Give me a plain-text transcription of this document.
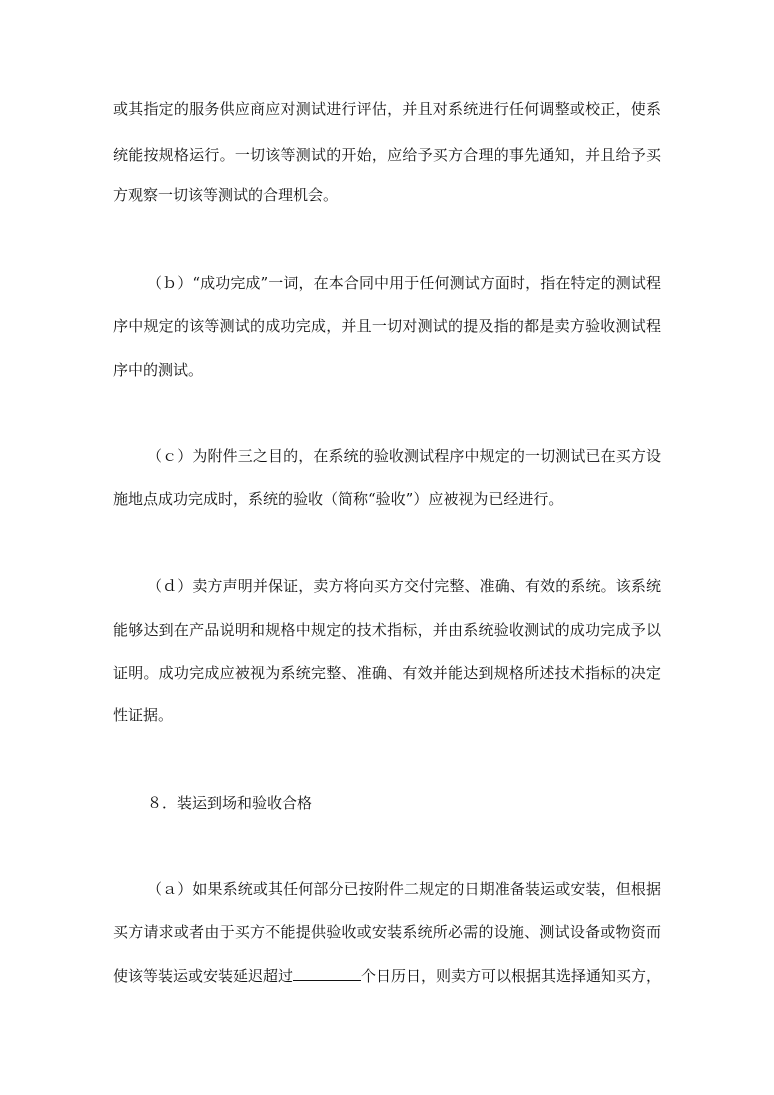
或其指定的服务供应商应对测试进行评估，并且对系统进行任何调整或校正，使系
统能按规格运行。一切该等测试的开始，应给予买方合理的事先通知，并且给予买
方观察一切该等测试的合理机会。
（ｂ）“成功完成”一词，在本合同中用于任何测试方面时，指在特定的测试程
序中规定的该等测试的成功完成，并且一切对测试的提及指的都是卖方验收测试程
序中的测试。
（ｃ）为附件三之目的，在系统的验收测试程序中规定的一切测试已在买方设
施地点成功完成时，系统的验收（简称“验收”）应被视为已经进行。
（ｄ）卖方声明并保证，卖方将向买方交付完整、准确、有效的系统。该系统
能够达到在产品说明和规格中规定的技术指标，并由系统验收测试的成功完成予以
证明。成功完成应被视为系统完整、准确、有效并能达到规格所述技术指标的决定
性证据。
８．装运到场和验收合格
（ａ）如果系统或其任何部分已按附件二规定的日期准备装运或安装，但根据
买方请求或者由于买方不能提供验收或安装系统所必需的设施、测试设备或物资而
使该等装运或安装延迟超过	个日历日，则卖方可以根据其选择通知买方，
